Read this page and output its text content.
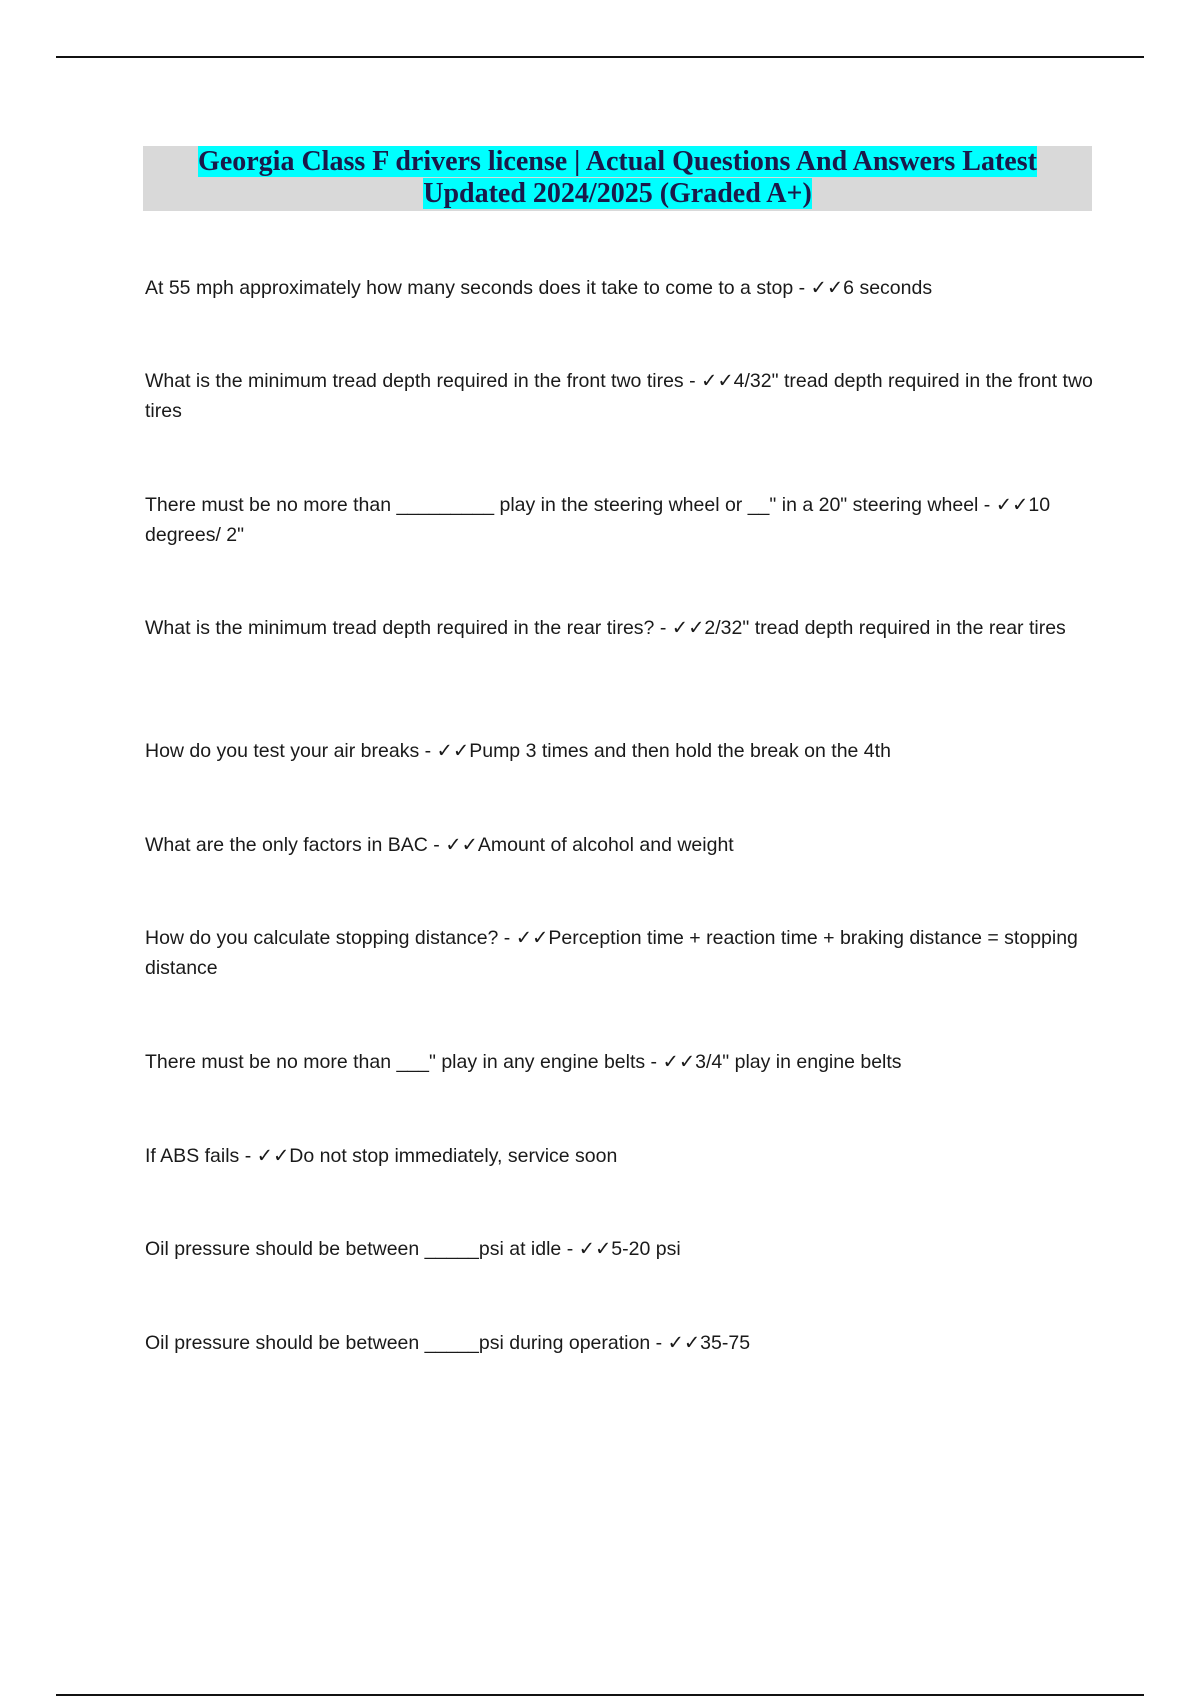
Georgia Class F drivers license | Actual Questions And Answers Latest
Updated 2024/2025 (Graded A+)
At 55 mph approximately how many seconds does it take to come to a stop - ✓✓6 seconds
What is the minimum tread depth required in the front two tires - ✓✓4/32" tread depth required in the front two tires
There must be no more than _________ play in the steering wheel or __" in a 20" steering wheel - ✓✓10 degrees/ 2"
What is the minimum tread depth required in the rear tires? - ✓✓2/32" tread depth required in the rear tires
How do you test your air breaks - ✓✓Pump 3 times and then hold the break on the 4th
What are the only factors in BAC - ✓✓Amount of alcohol and weight
How do you calculate stopping distance? - ✓✓Perception time + reaction time + braking distance = stopping distance
There must be no more than ___" play in any engine belts - ✓✓3/4" play in engine belts
If ABS fails - ✓✓Do not stop immediately, service soon
Oil pressure should be between _____psi at idle - ✓✓5-20 psi
Oil pressure should be between _____psi during operation - ✓✓35-75
